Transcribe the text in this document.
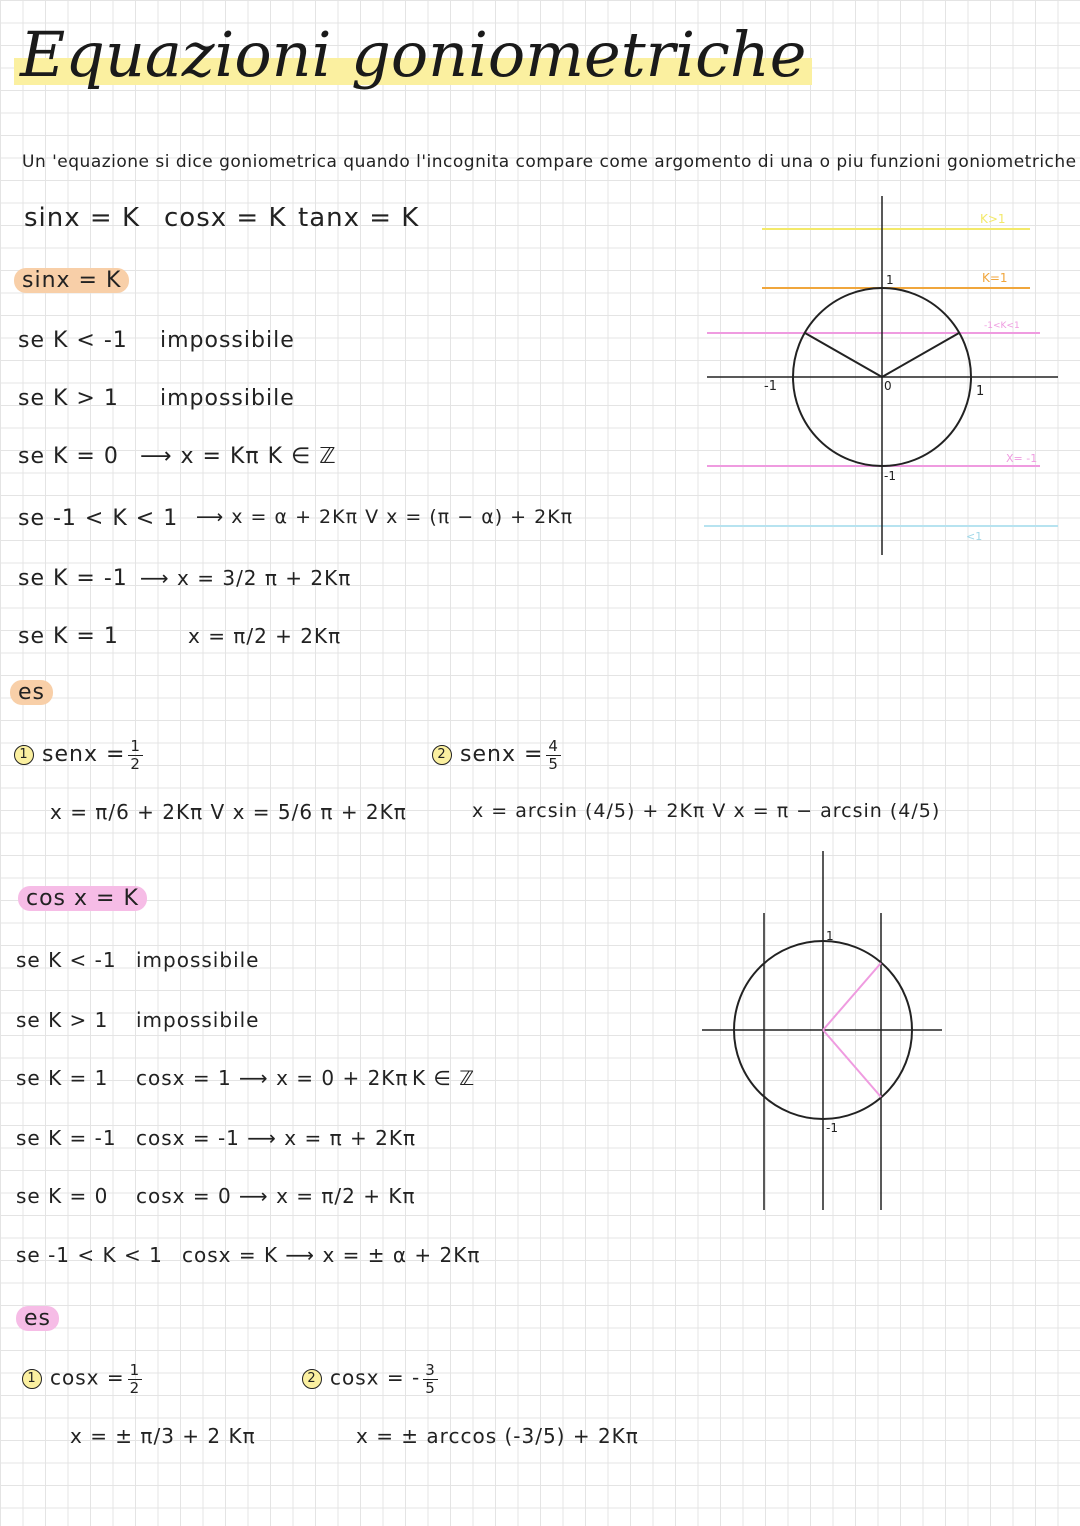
Equazioni goniometriche
Un 'equazione si dice goniometrica quando l'incognita compare come argomento di una o piu funzioni goniometriche
sinx = K cosx = K tanx = K
sinx = K
se K < -1 impossibile
se K > 1 impossibile
se K = 0 ⟶ x = Kπ K ∈ ℤ
se -1 < K < 1 ⟶ x = α + 2Kπ V x = (π − α) + 2Kπ
se K = -1 ⟶ x = 3/2 π + 2Kπ
se K = 1	x = π/2 + 2Kπ
es
1 senx = $\frac{1}{2}$
x = π/6 + 2Kπ V x = 5/6 π + 2Kπ
2 senx = $\frac{4}{5}$
x = arcsin (4/5) + 2Kπ V x = π − arcsin (4/5)
K>1
K=1
-1<K<1
X= -1
<1
1
-1	0	1
-1
cos x = K
se K < -1 impossibile
se K > 1 impossibile
se K = 1 cosx = 1 ⟶ x = 0 + 2Kπ K ∈ ℤ
se K = -1 cosx = -1 ⟶ x = π + 2Kπ
se K = 0 cosx = 0 ⟶ x = π/2 + Kπ
se -1 < K < 1 cosx = K ⟶ x = ± α + 2Kπ
es
1 $\cos x = \frac{1}{2}$
x = ± π/3 + 2 Kπ
2 cosx = - $\frac{3}{5}$
x = ± arccos (-3/5) + 2Kπ
1
-1
